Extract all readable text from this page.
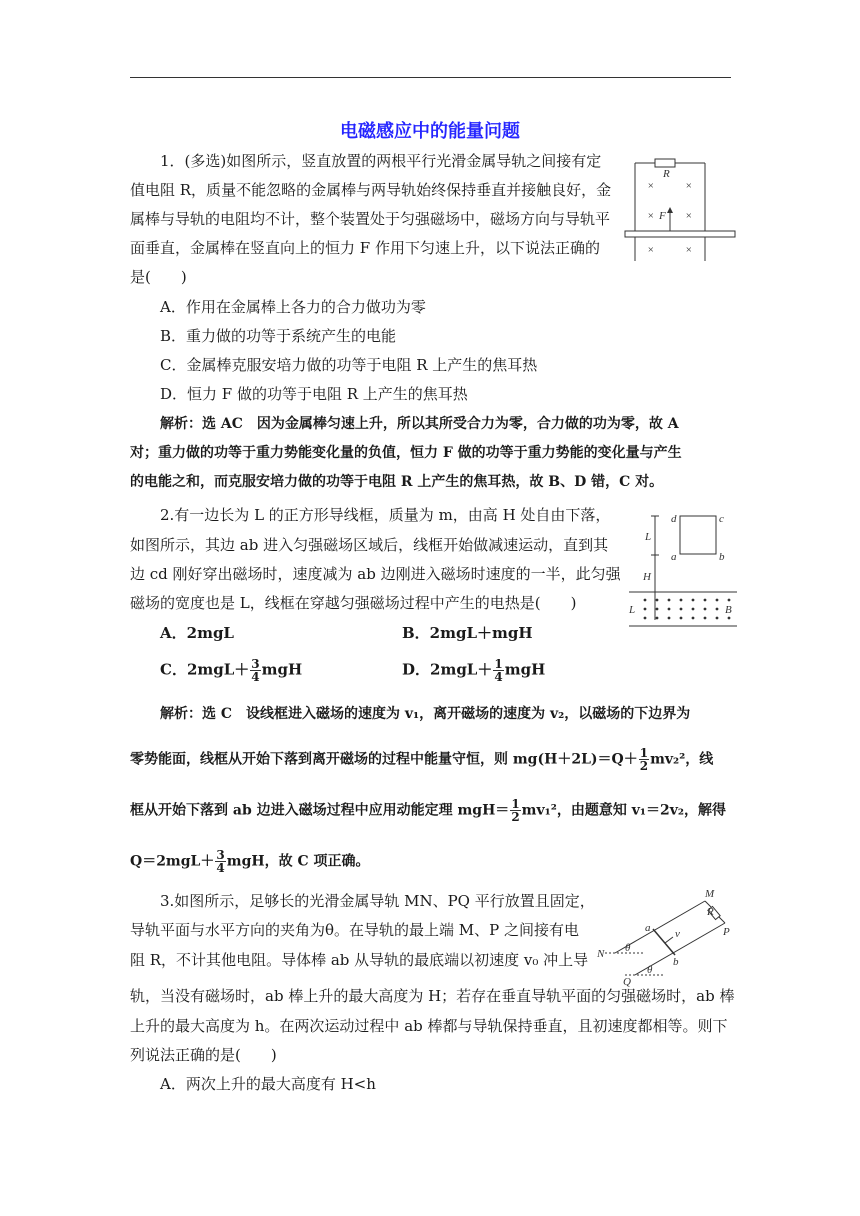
电磁感应中的能量问题
1．(多选)如图所示，竖直放置的两根平行光滑金属导轨之间接有定
值电阻 R，质量不能忽略的金属棒与两导轨始终保持垂直并接触良好，金
属棒与导轨的电阻均不计，整个装置处于匀强磁场中，磁场方向与导轨平
面垂直，金属棒在竖直向上的恒力 F 作用下匀速上升，以下说法正确的
是(　　)
A．作用在金属棒上各力的合力做功为零
B．重力做的功等于系统产生的电能
C．金属棒克服安培力做的功等于电阻 R 上产生的焦耳热
D．恒力 F 做的功等于电阻 R 上产生的焦耳热
解析：选 AC　因为金属棒匀速上升，所以其所受合力为零，合力做的功为零，故 A
对；重力做的功等于重力势能变化量的负值，恒力 F 做的功等于重力势能的变化量与产生
的电能之和，而克服安培力做的功等于电阻 R 上产生的焦耳热，故 B、D 错，C 对。
R
×	×
×	×
×	×
F
2.有一边长为 L 的正方形导线框，质量为 m，由高 H 处自由下落，
如图所示，其边 ab 进入匀强磁场区域后，线框开始做减速运动，直到其
边 cd 刚好穿出磁场时，速度减为 ab 边刚进入磁场时速度的一半，此匀强
磁场的宽度也是 L，线框在穿越匀强磁场过程中产生的电热是(　　)
A．2mgL	B．2mgL＋mgH
C．$2mgL+ \frac{3}{4}$ mgH	D．$2mgL+ \frac{1}{4}$ mgH
解析：选 C　设线框进入磁场的速度为 v₁，离开磁场的速度为 v₂，以磁场的下边界为
零势能面，线框从开始下落到离开磁场的过程中能量守恒，则 $mg(H+2L)=Q+ \frac{1}{2} mv_2^2$，线
框从开始下落到 ab 边进入磁场过程中应用动能定理 $mgH= \frac{1}{2} mv_1^2$，由题意知 v₁＝2v₂，解得
$Q=2mgL+ \frac{3}{4}$ mgH，故 C 项正确。
L
H
d	c
a	b
L	B
3.如图所示，足够长的光滑金属导轨 MN、PQ 平行放置且固定，
导轨平面与水平方向的夹角为θ。在导轨的最上端 M、P 之间接有电
阻 R，不计其他电阻。导体棒 ab 从导轨的最底端以初速度 v₀ 冲上导
轨，当没有磁场时，ab 棒上升的最大高度为 H；若存在垂直导轨平面的匀强磁场时，ab 棒
上升的最大高度为 h。在两次运动过程中 ab 棒都与导轨保持垂直，且初速度都相等。则下
列说法正确的是(　　)
A．两次上升的最大高度有 H<h
M
R
P
N
Q
a
b
v
θ
θ
